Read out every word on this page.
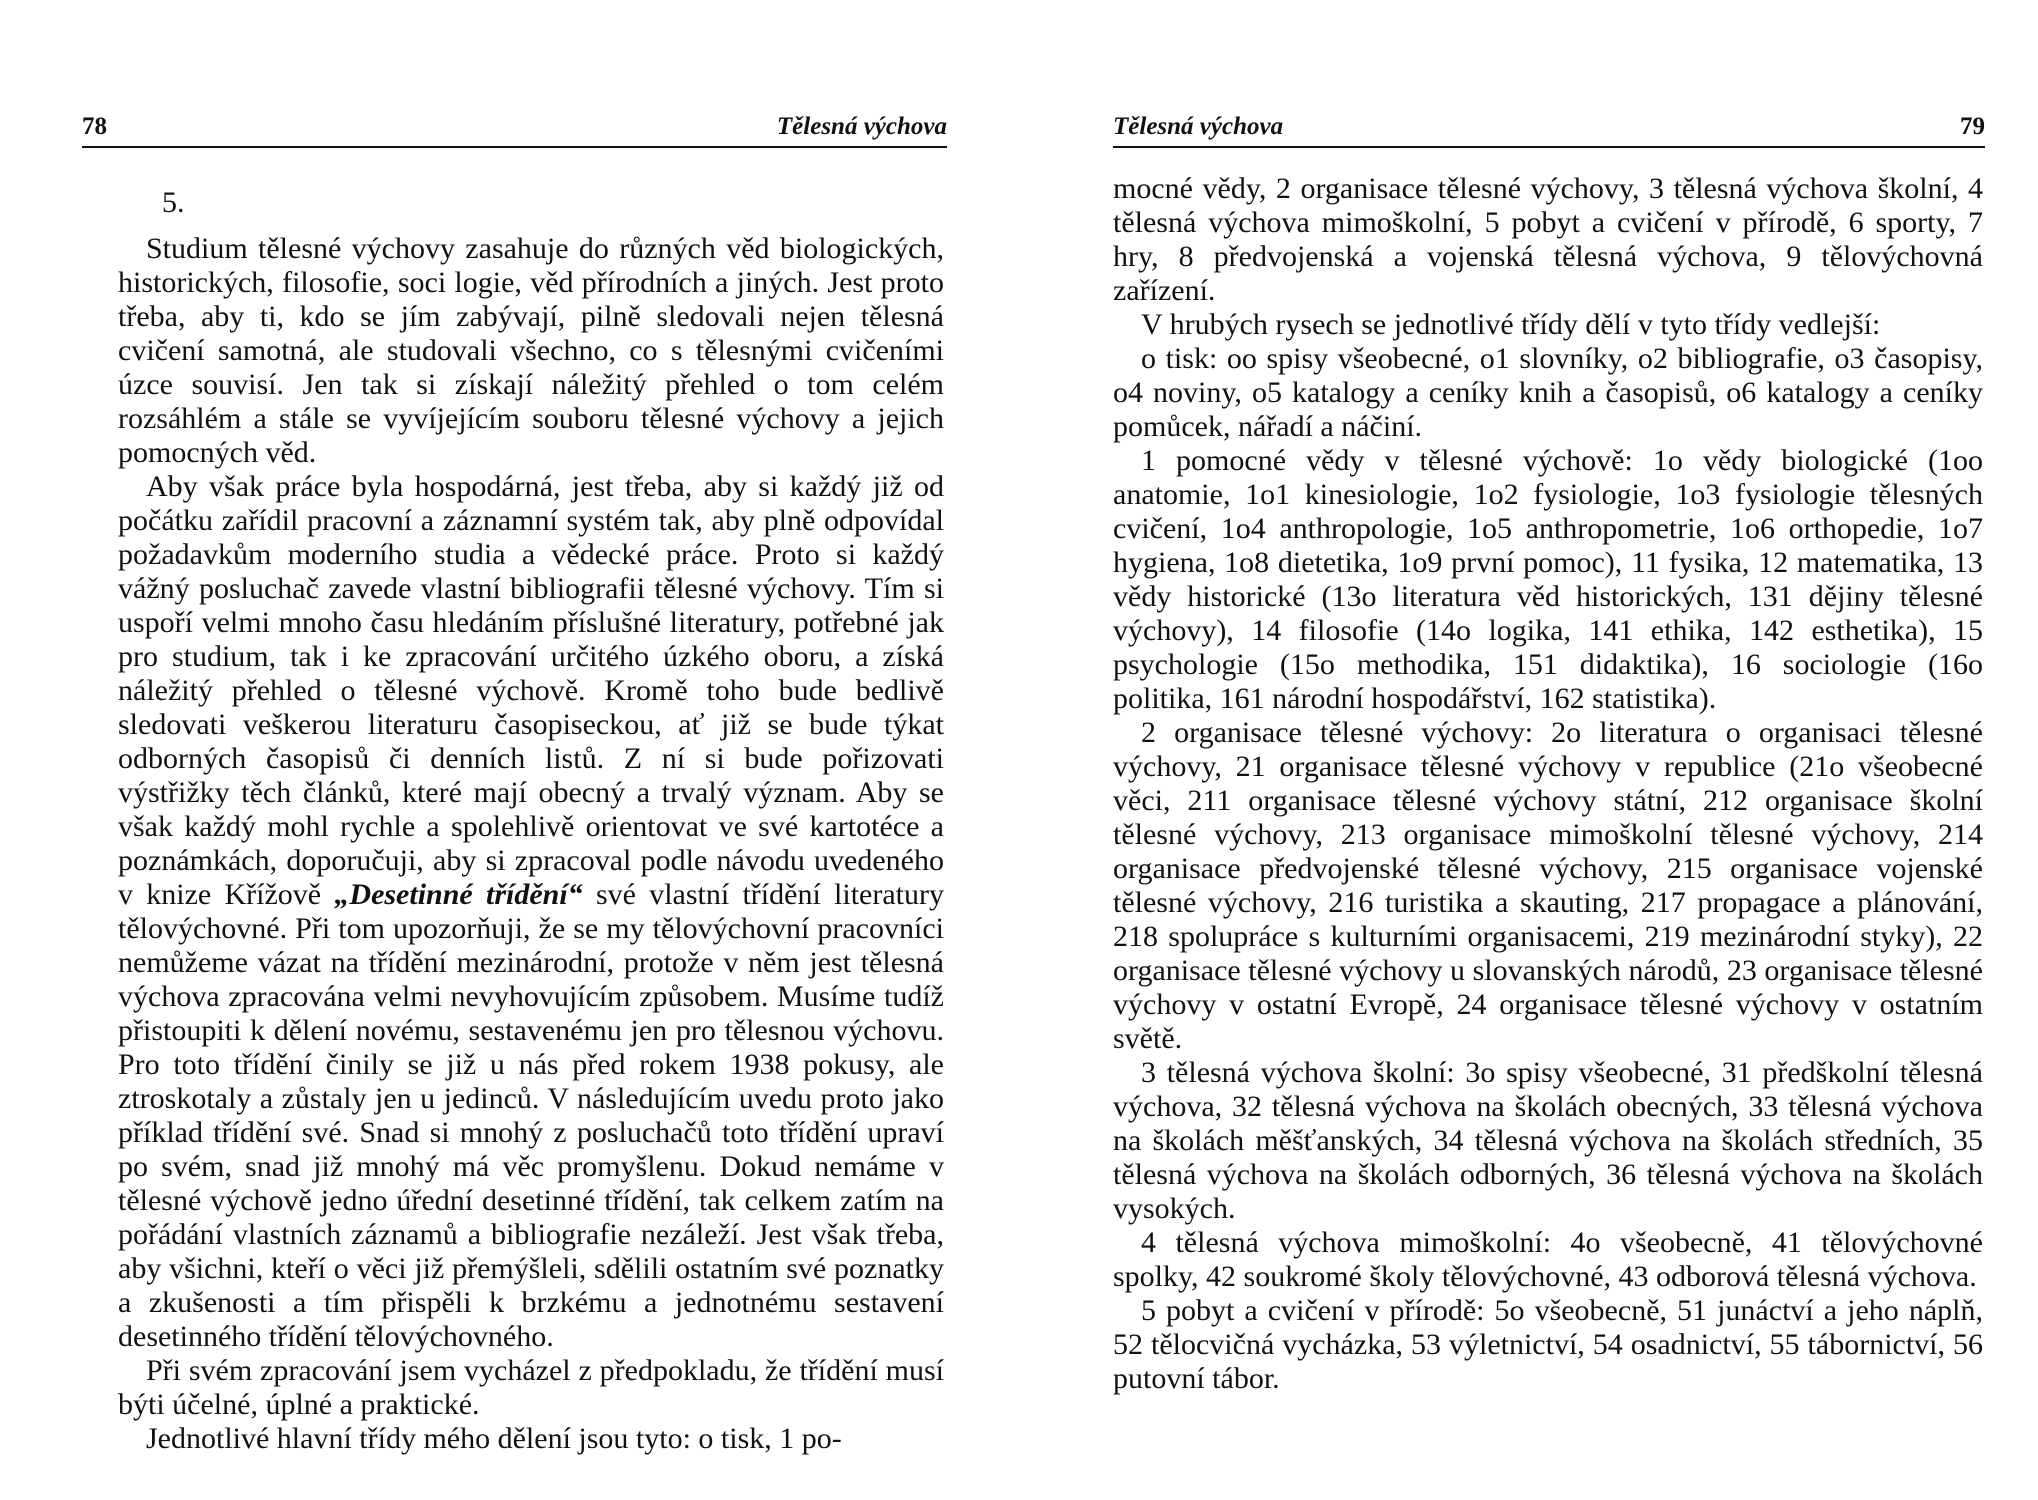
78	Tělesná výchova
5.

Studium tělesné výchovy zasahuje do různých věd biologických, historických, filosofie, soci logie, věd přírodních a jiných. Jest proto třeba, aby ti, kdo se jím zabývají, pilně sledovali nejen tělesná cvičení samotná, ale studovali všechno, co s tělesnými cvičeními úzce souvisí. Jen tak si získají náležitý přehled o tom celém rozsáhlém a stále se vyvíjejícím souboru tělesné výchovy a jejich pomocných věd.

Aby však práce byla hospodárná, jest třeba, aby si každý již od počátku zařídil pracovní a záznamní systém tak, aby plně odpovídal požadavkům moderního studia a vědecké práce. Proto si každý vážný posluchač zavede vlastní bibliografii tělesné výchovy. Tím si uspoří velmi mnoho času hledáním příslušné literatury, potřebné jak pro studium, tak i ke zpracování určitého úzkého oboru, a získá náležitý přehled o tělesné výchově. Kromě toho bude bedlivě sledovati veškerou literaturu časopiseckou, ať již se bude týkat odborných časopisů či denních listů. Z ní si bude pořizovati výstřižky těch článků, které mají obecný a trvalý význam. Aby se však každý mohl rychle a spolehlivě orientovat ve své kartotéce a poznámkách, doporučuji, aby si zpracoval podle návodu uvedeného v knize Křížově „Desetinné třídění“ své vlastní třídění literatury tělovýchovné. Při tom upozorňuji, že se my tělovýchovní pracovníci nemůžeme vázat na třídění mezinárodní, protože v něm jest tělesná výchova zpracována velmi nevyhovujícím způsobem. Musíme tudíž přistoupiti k dělení novému, sestavenému jen pro tělesnou výchovu. Pro toto třídění činily se již u nás před rokem 1938 pokusy, ale ztroskotaly a zůstaly jen u jedinců. V následujícím uvedu proto jako příklad třídění své. Snad si mnohý z posluchačů toto třídění upraví po svém, snad již mnohý má věc promyšlenu. Dokud nemáme v tělesné výchově jedno úřední desetinné třídění, tak celkem zatím na pořádání vlastních záznamů a bibliografie nezáleží. Jest však třeba, aby všichni, kteří o věci již přemýšleli, sdělili ostatním své poznatky a zkušenosti a tím přispěli k brzkému a jednotnému sestavení desetinného třídění tělovýchovného.

Při svém zpracování jsem vycházel z předpokladu, že třídění musí býti účelné, úplné a praktické.

Jednotlivé hlavní třídy mého dělení jsou tyto: o tisk, 1 po-

Tělesná výchova	79

mocné vědy, 2 organisace tělesné výchovy, 3 tělesná výchova školní, 4 tělesná výchova mimoškolní, 5 pobyt a cvičení v přírodě, 6 sporty, 7 hry, 8 předvojenská a vojenská tělesná výchova, 9 tělovýchovná zařízení.

V hrubých rysech se jednotlivé třídy dělí v tyto třídy vedlejší:

o tisk: oo spisy všeobecné, o1 slovníky, o2 bibliografie, o3 časopisy, o4 noviny, o5 katalogy a ceníky knih a časopisů, o6 katalogy a ceníky pomůcek, nářadí a náčiní.

1 pomocné vědy v tělesné výchově: 1o vědy biologické (1oo anatomie, 1o1 kinesiologie, 1o2 fysiologie, 1o3 fysiologie tělesných cvičení, 1o4 anthropologie, 1o5 anthropometrie, 1o6 orthopedie, 1o7 hygiena, 1o8 dietetika, 1o9 první pomoc), 11 fysika, 12 matematika, 13 vědy historické (13o literatura věd historických, 131 dějiny tělesné výchovy), 14 filosofie (14o logika, 141 ethika, 142 esthetika), 15 psychologie (15o methodika, 151 didaktika), 16 sociologie (16o politika, 161 národní hospodářství, 162 statistika).

2 organisace tělesné výchovy: 2o literatura o organisaci tělesné výchovy, 21 organisace tělesné výchovy v republice (21o všeobecné věci, 211 organisace tělesné výchovy státní, 212 organisace školní tělesné výchovy, 213 organisace mimoškolní tělesné výchovy, 214 organisace předvojenské tělesné výchovy, 215 organisace vojenské tělesné výchovy, 216 turistika a skauting, 217 propagace a plánování, 218 spolupráce s kulturními organisacemi, 219 mezinárodní styky), 22 organisace tělesné výchovy u slovanských národů, 23 organisace tělesné výchovy v ostatní Evropě, 24 organisace tělesné výchovy v ostatním světě.

3 tělesná výchova školní: 3o spisy všeobecné, 31 předškolní tělesná výchova, 32 tělesná výchova na školách obecných, 33 tělesná výchova na školách měšťanských, 34 tělesná výchova na školách středních, 35 tělesná výchova na školách odborných, 36 tělesná výchova na školách vysokých.

4 tělesná výchova mimoškolní: 4o všeobecně, 41 tělovýchovné spolky, 42 soukromé školy tělovýchovné, 43 odborová tělesná výchova.

5 pobyt a cvičení v přírodě: 5o všeobecně, 51 junáctví a jeho náplň, 52 tělocvičná vycházka, 53 výletnictví, 54 osadnictví, 55 tábornictví, 56 putovní tábor.
